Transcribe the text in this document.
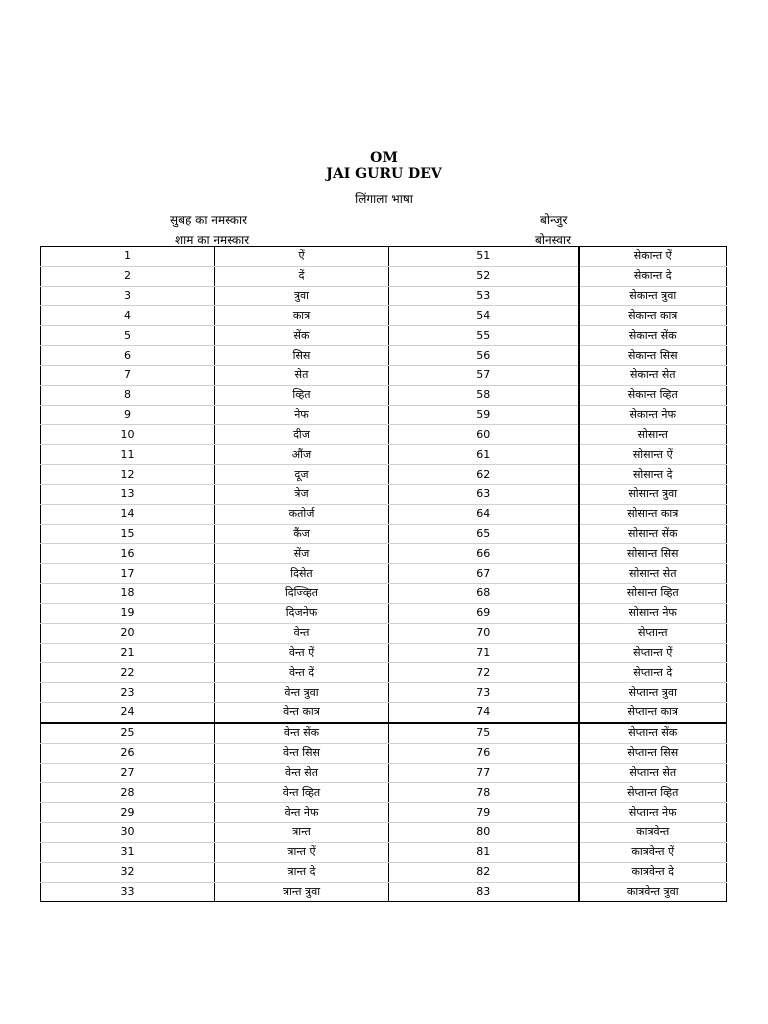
OM
JAI GURU DEV
लिंगाला भाषा
सुबह का नमस्कार
शाम का नमस्कार
बोन्जुर
बोनस्वार
1	ऐं	51	सेकान्त ऐं
2	दें	52	सेकान्त दे
3	त्रुवा	53	सेकान्त त्रुवा
4	कात्र	54	सेकान्त कात्र
5	सेंक	55	सेकान्त सेंक
6	सिस	56	सेकान्त सिस
7	सेत	57	सेकान्त सेत
8	व्हित	58	सेकान्त व्हित
9	नेफ	59	सेकान्त नेफ
10	दीज	60	सोसान्त
11	औंज	61	सोसान्त ऐं
12	दूज	62	सोसान्त दे
13	त्रेज	63	सोसान्त त्रुवा
14	कतोर्ज	64	सोसान्त कात्र
15	कैंज	65	सोसान्त सेंक
16	सेंज	66	सोसान्त सिस
17	दिसेत	67	सोसान्त सेत
18	दिज्व्हित	68	सोसान्त व्हित
19	दिजनेफ	69	सोसान्त नेफ
20	वेन्त	70	सेप्तान्त
21	वेन्त ऐं	71	सेप्तान्त ऐं
22	वेन्त दें	72	सेप्तान्त दे
23	वेन्त त्रुवा	73	सेप्तान्त त्रुवा
24	वेन्त कात्र	74	सेप्तान्त कात्र
25	वेन्त सेंक	75	सेप्तान्त सेंक
26	वेन्त सिस	76	सेप्तान्त सिस
27	वेन्त सेत	77	सेप्तान्त सेत
28	वेन्त व्हित	78	सेप्तान्त व्हित
29	वेन्त नेफ	79	सेप्तान्त नेफ
30	त्रान्त	80	कात्रवेन्त
31	त्रान्त ऐं	81	कात्रवेन्त ऐं
32	त्रान्त दे	82	कात्रवेन्त दे
33	त्रान्त त्रुवा	83	कात्रवेन्त त्रुवा
